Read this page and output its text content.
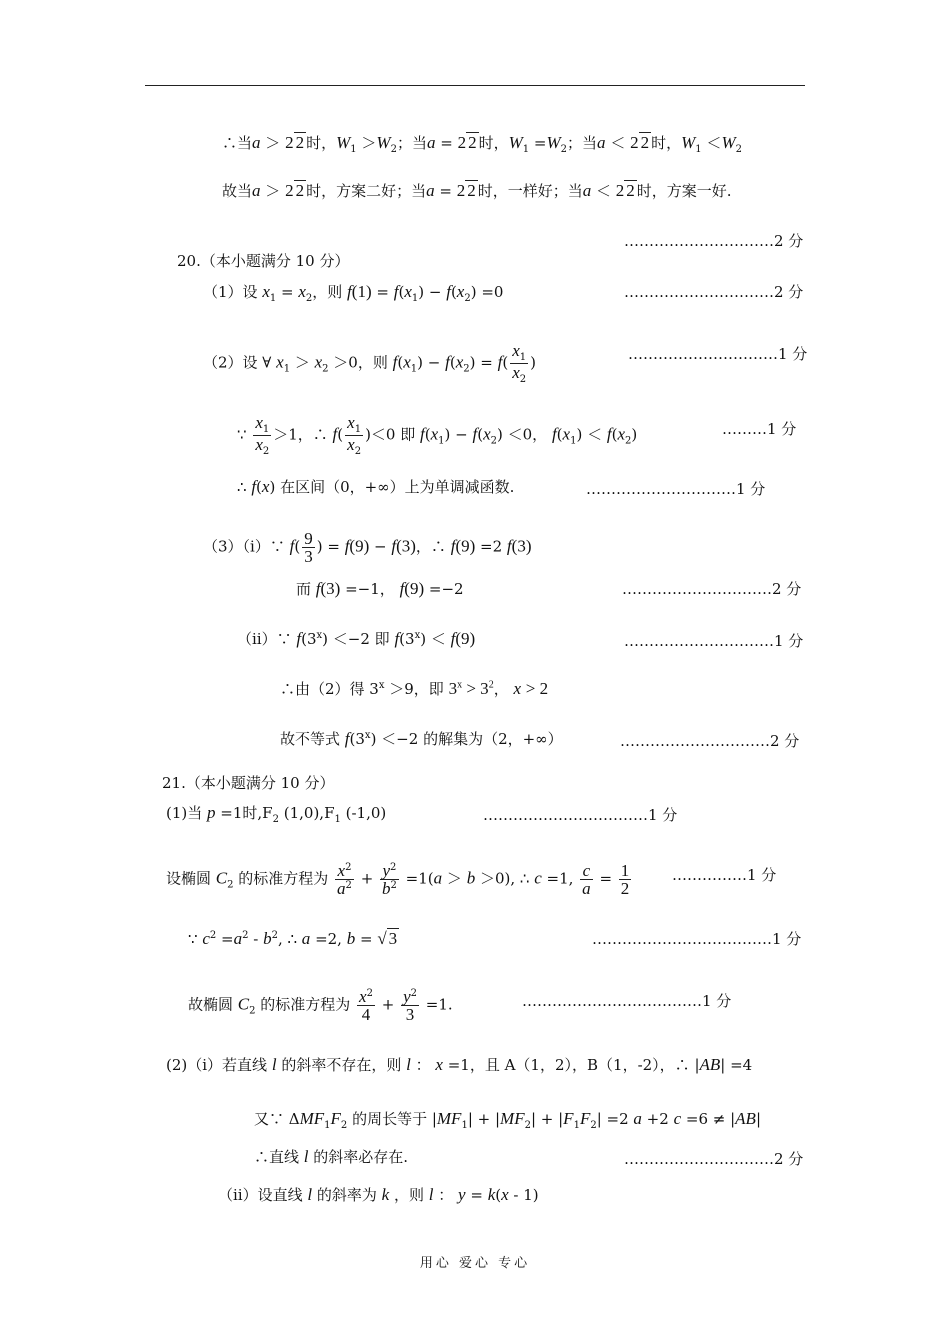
∴当a ＞ 2 2 时，$W_1 >W_2$；当a = 2 2 时，$W_1 =W_2$；当a ＜ 2 2 时，$W_1 <W_2$
故当a ＞ 2 2 时，方案二好；当a = 2 2 时，一样好；当a ＜ 2 2 时，方案一好.
…………………………2 分
20.（本小题满分 10 分）
（1）设 $x_1 = x_2$，则 $f(1) = f(x_1) - f(x_2) =0$	…………………………2 分
（2）设 ∀ $x_1 > x_2 >0$，则 $f(x_1) - f(x_2) = f( \frac{x_1}{x_2}$ )	…………………………1 分
∵ $\frac{x_1}{x_2} >1$，∴ $f( \frac{x_1}{x_2} )<0$ 即 $f(x_1) - f(x_2) <0$， $f(x_1) < f(x_2)$	………1 分
∴ f(x) 在区间（0，+∞）上为单调减函数.	…………………………1 分
（3）（ⅰ）∵ $f( \frac{9}{3}$ ) = f(9) − f(3)，∴ f(9) =2 f(3)
而 f(3) =−1， f(9) =−2	…………………………2 分
（ⅱ）∵ $f(3^x) <-2$ 即 $f(3^x) < f(9)$	…………………………1 分
∴由（2）得 $3^x >9$，即 $3^x > 3^2$， x > 2
故不等式 $f(3^x) <-2$ 的解集为（2，+∞）	…………………………2 分
21.（本小题满分 10 分）
(1)当 p =1时$,F_2$ $(1,0),F_1$ (-1,0)	……………………………1 分
设椭圆 $C_2$ 的标准方程为 $\frac{x^2}{a^2} + \frac{y^2}{b^2} =1(a > b >0)$, ∴ c =1, $\frac{c}{a} = \frac{1}{2}$	……………1 分
∵ $c^2 =a^2 - b^2$, ∴ a =2, b = √ 3	………………………………1 分
故椭圆 $C_2$ 的标准方程为 $\frac{x^2}{4} + \frac{y^2}{3} =1$.	………………………………1 分
(2)（ⅰ）若直线 l 的斜率不存在，则 l ： x =1，且 A（1，2），B（1，-2），∴ |AB| =4
又∵ $\Delta MF_1F_2$ 的周长等于 $|MF_1| + |MF_2| + |F_1F_2| =2$ a +2 c =6 ≠ |AB|
∴直线 l 的斜率必存在.	…………………………2 分
（ⅱ）设直线 l 的斜率为 k ，则 l ： y = k(x - 1)
用心 爱心 专心
